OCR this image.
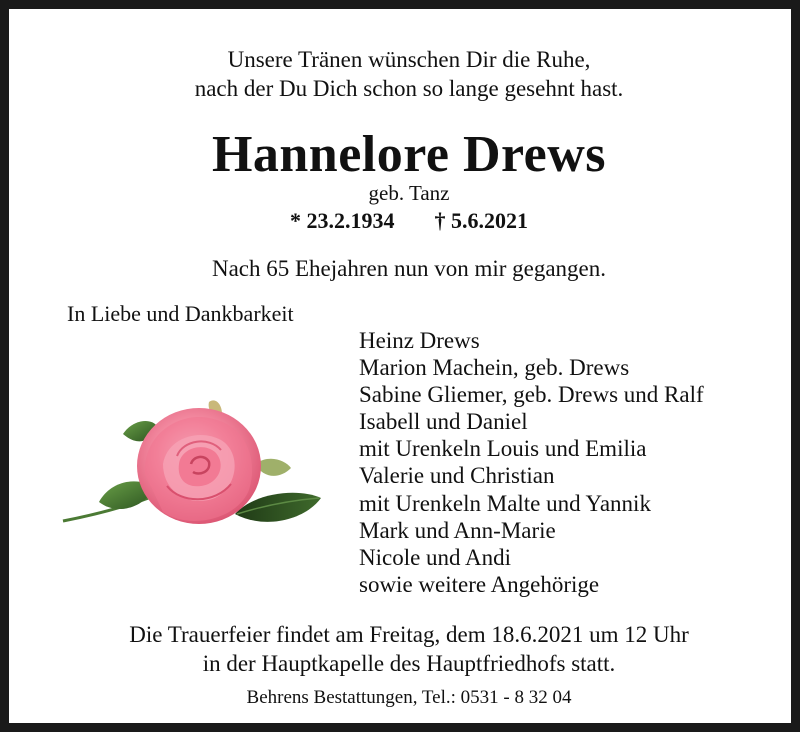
Unsere Tränen wünschen Dir die Ruhe,
nach der Du Dich schon so lange gesehnt hast.
Hannelore Drews
geb. Tanz
* 23.2.1934 † 5.6.2021
Nach 65 Ehejahren nun von mir gegangen.
In Liebe und Dankbarkeit
Heinz Drews
Marion Machein, geb. Drews
Sabine Gliemer, geb. Drews und Ralf
Isabell und Daniel
mit Urenkeln Louis und Emilia
Valerie und Christian
mit Urenkeln Malte und Yannik
Mark und Ann-Marie
Nicole und Andi
sowie weitere Angehörige
Die Trauerfeier findet am Freitag, dem 18.6.2021 um 12 Uhr
in der Hauptkapelle des Hauptfriedhofs statt.
Behrens Bestattungen, Tel.: 0531 - 8 32 04
